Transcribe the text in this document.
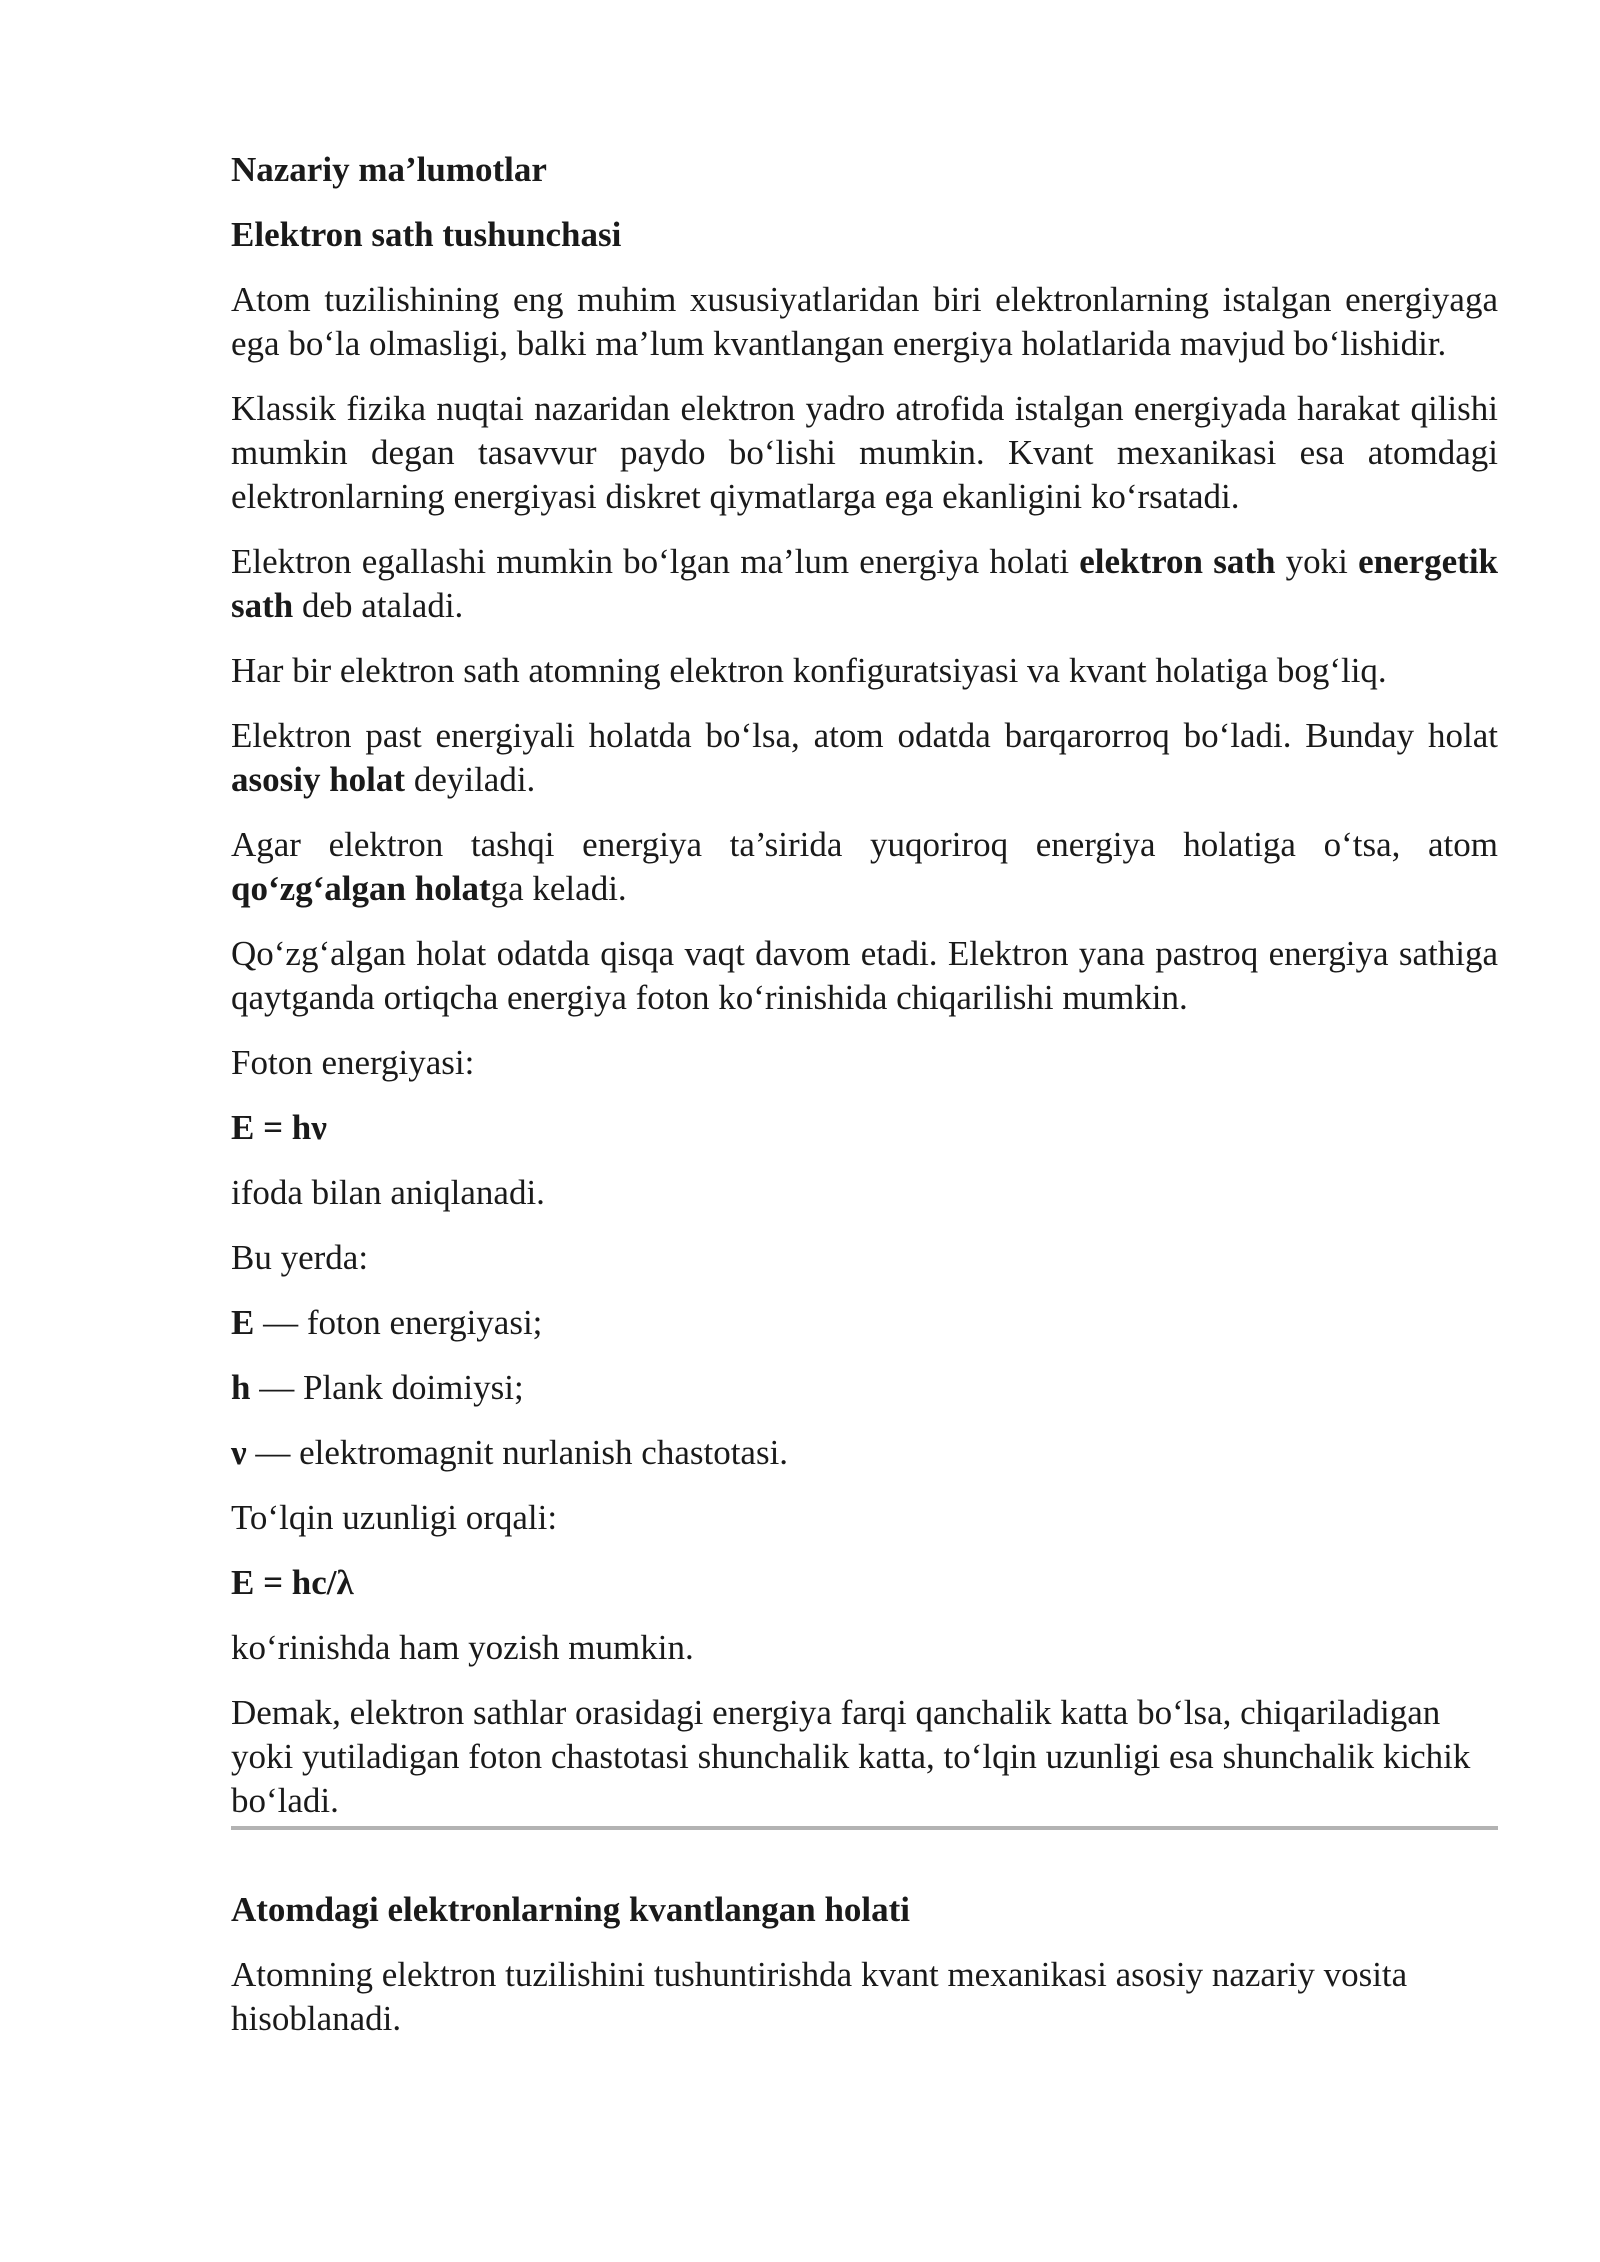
Nazariy ma’lumotlar

Elektron sath tushunchasi

Atom tuzilishining eng muhim xususiyatlaridan biri elektronlarning istalgan energiyaga ega bo‘la olmasligi, balki ma’lum kvantlangan energiya holatlarida mavjud bo‘lishidir.

Klassik fizika nuqtai nazaridan elektron yadro atrofida istalgan energiyada harakat qilishi mumkin degan tasavvur paydo bo‘lishi mumkin. Kvant mexanikasi esa atomdagi elektronlarning energiyasi diskret qiymatlarga ega ekanligini ko‘rsatadi.

Elektron egallashi mumkin bo‘lgan ma’lum energiya holati elektron sath yoki energetik sath deb ataladi.

Har bir elektron sath atomning elektron konfiguratsiyasi va kvant holatiga bog‘liq.

Elektron past energiyali holatda bo‘lsa, atom odatda barqarorroq bo‘ladi. Bunday holat asosiy holat deyiladi.

Agar elektron tashqi energiya ta’sirida yuqoriroq energiya holatiga o‘tsa, atom qo‘zg‘algan holatga keladi.

Qo‘zg‘algan holat odatda qisqa vaqt davom etadi. Elektron yana pastroq energiya sathiga qaytganda ortiqcha energiya foton ko‘rinishida chiqarilishi mumkin.

Foton energiyasi:

E = hν

ifoda bilan aniqlanadi.

Bu yerda:

E — foton energiyasi;

h — Plank doimiysi;

ν — elektromagnit nurlanish chastotasi.

To‘lqin uzunligi orqali:

E = hc/λ

ko‘rinishda ham yozish mumkin.

Demak, elektron sathlar orasidagi energiya farqi qanchalik katta bo‘lsa, chiqariladigan yoki yutiladigan foton chastotasi shunchalik katta, to‘lqin uzunligi esa shunchalik kichik bo‘ladi.

Atomdagi elektronlarning kvantlangan holati

Atomning elektron tuzilishini tushuntirishda kvant mexanikasi asosiy nazariy vosita hisoblanadi.
